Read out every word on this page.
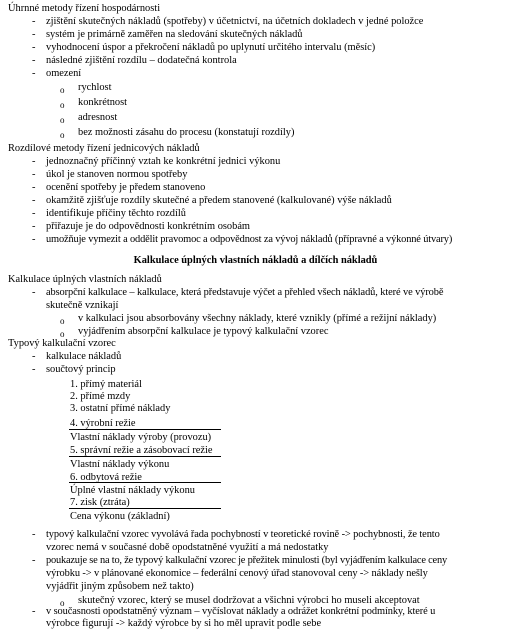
Úhrnné metody řízení hospodárnosti
-	zjištění skutečných nákladů (spotřeby) v účetnictví, na účetních dokladech v jedné položce
-	systém je primárně zaměřen na sledování skutečných nákladů
-	vyhodnocení úspor a překročení nákladů po uplynutí určitého intervalu (měsíc)
-	následné zjištění rozdílu – dodatečná kontrola
-	omezení
o rychlost
o konkrétnost
o adresnost
o bez možnosti zásahu do procesu (konstatují rozdíly)
Rozdílové metody řízení jednicových nákladů
-	jednoznačný příčinný vztah ke konkrétní jednici výkonu
-	úkol je stanoven normou spotřeby
-	ocenění spotřeby je předem stanoveno
-	okamžitě zjišťuje rozdíly skutečné a předem stanovené (kalkulované) výše nákladů
-	identifikuje příčiny těchto rozdílů
-	přiřazuje je do odpovědnosti konkrétním osobám
-	umožňuje vymezit a oddělit pravomoc a odpovědnost za vývoj nákladů (přípravné a výkonné útvary)
Kalkulace úplných vlastních nákladů a dílčích nákladů
Kalkulace úplných vlastních nákladů
-	absorpční kalkulace – kalkulace, která představuje výčet a přehled všech nákladů, které ve výrobě
skutečně vznikají
o v kalkulaci jsou absorbovány všechny náklady, které vznikly (přímé a režijní náklady)
o vyjádřením absorpční kalkulace je typový kalkulační vzorec
Typový kalkulační vzorec
-	kalkulace nákladů
-	součtový princip
1. přímý materiál
2. přímé mzdy
3. ostatní přímé náklady
4. výrobní režie
Vlastní náklady výroby (provozu)
5. správní režie a zásobovací režie
Vlastní náklady výkonu
6. odbytová režie
Úplné vlastní náklady výkonu
7. zisk (ztráta)
Cena výkonu (základní)
-	typový kalkulační vzorec vyvolává řada pochybností v teoretické rovině -> pochybnosti, že tento
vzorec nemá v současné době opodstatněné využití a má nedostatky
-	poukazuje se na to, že typový kalkulační vzorec je přežitek minulosti (byl vyjádřením kalkulace ceny
výrobku -> v plánované ekonomice – federální cenový úřad stanovoval ceny -> náklady nešly
vyjádřit jiným způsobem než takto)
o skutečný vzorec, který se musel dodržovat a všichni výrobci ho museli akceptovat
-	v současnosti opodstatněný význam – vyčíslovat náklady a odrážet konkrétní podmínky, které u
výrobce figurují -> každý výrobce by si ho měl upravit podle sebe
